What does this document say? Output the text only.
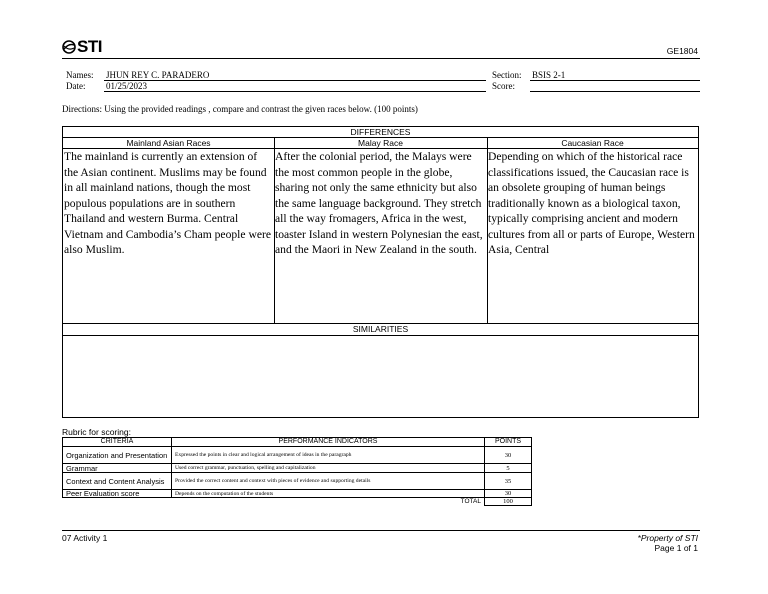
STI	GE1804
Names: JHUN REY C. PARADERO
Date: 01/25/2023
Section: BSIS 2-1
Score:
Directions: Using the provided readings , compare and contrast the given races below. (100 points)
DIFFERENCES
Mainland Asian Races	Malay Race	Caucasian Race
The mainland is currently an extension of the Asian continent. Muslims may be found in all mainland nations, though the most populous populations are in southern Thailand and western Burma. Central Vietnam and Cambodia’s Cham people were also Muslim.
After the colonial period, the Malays were the most common people in the globe, sharing not only the same ethnicity but also the same language background. They stretch all the way fromagers, Africa in the west, toaster Island in western Polynesian the east, and the Maori in New Zealand in the south.
Depending on which of the historical race classifications issued, the Caucasian race is an obsolete grouping of human beings traditionally known as a biological taxon, typically comprising ancient and modern cultures from all or parts of Europe, Western Asia, Central
SIMILARITIES
Rubric for scoring:
CRITERIA	PERFORMANCE INDICATORS	POINTS
Organization and Presentation	Expressed the points in clear and logical arrangement of ideas in the paragraph	30
Grammar	Used correct grammar, punctuation, spelling and capitalization	5
Context and Content Analysis	Provided the correct content and context with pieces of evidence and supporting details	35
Peer Evaluation score	Depends on the computation of the students	30
	TOTAL	100
07 Activity 1	*Property of STI
Page 1 of 1
